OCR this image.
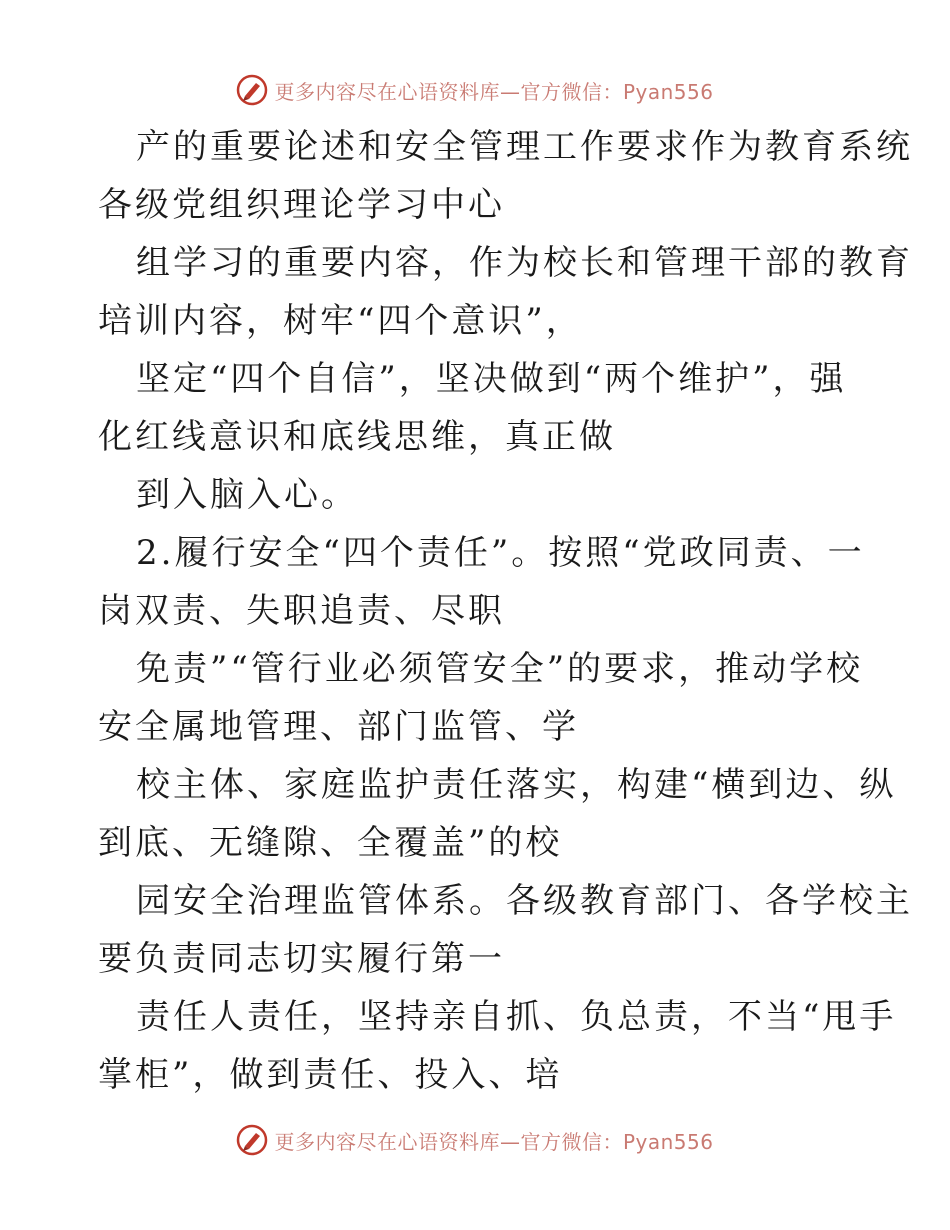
更多内容尽在心语资料库—官方微信：Pyan556
产的重要论述和安全管理工作要求作为教育系统
各级党组织理论学习中心
组学习的重要内容，作为校长和管理干部的教育
培训内容，树牢“四个意识”，
坚定“四个自信”，坚决做到“两个维护”，强
化红线意识和底线思维，真正做
到入脑入心。
2.履行安全“四个责任”。按照“党政同责、一
岗双责、失职追责、尽职
免责”“管行业必须管安全”的要求，推动学校
安全属地管理、部门监管、学
校主体、家庭监护责任落实，构建“横到边、纵
到底、无缝隙、全覆盖”的校
园安全治理监管体系。各级教育部门、各学校主
要负责同志切实履行第一
责任人责任，坚持亲自抓、负总责，不当“甩手
掌柜”，做到责任、投入、培
更多内容尽在心语资料库—官方微信：Pyan556
